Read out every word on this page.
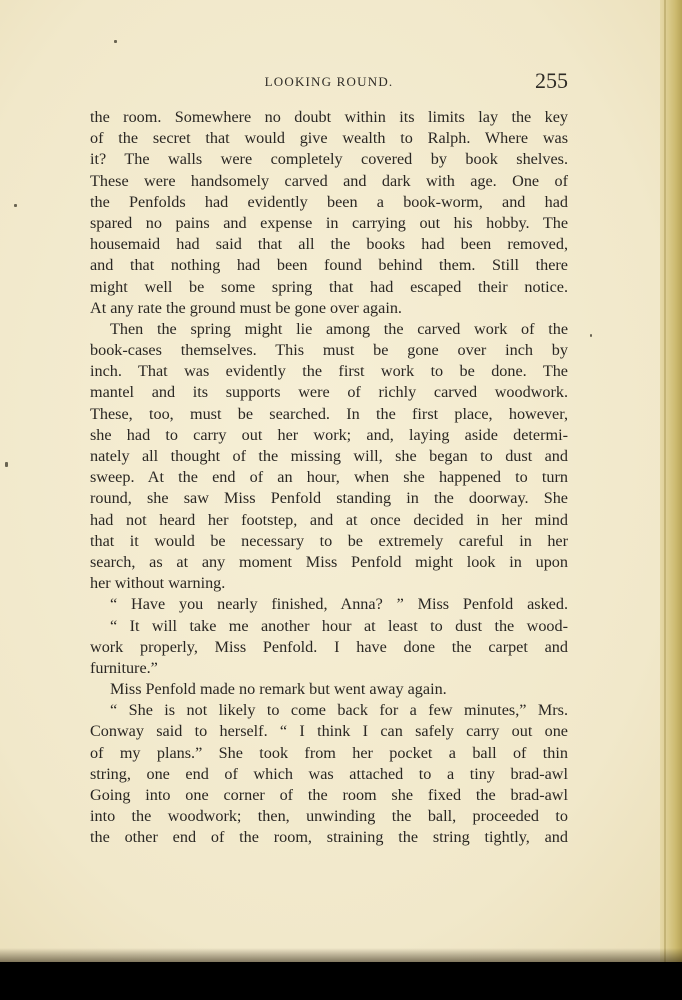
LOOKING ROUND.	255
the room. Somewhere no doubt within its limits lay the key
of the secret that would give wealth to Ralph. Where was
it? The walls were completely covered by book shelves.
These were handsomely carved and dark with age. One of
the Penfolds had evidently been a book-worm, and had
spared no pains and expense in carrying out his hobby. The
housemaid had said that all the books had been removed,
and that nothing had been found behind them. Still there
might well be some spring that had escaped their notice.
At any rate the ground must be gone over again.
Then the spring might lie among the carved work of the
book-cases themselves. This must be gone over inch by
inch. That was evidently the first work to be done. The
mantel and its supports were of richly carved woodwork.
These, too, must be searched. In the first place, however,
she had to carry out her work; and, laying aside determi-
nately all thought of the missing will, she began to dust and
sweep. At the end of an hour, when she happened to turn
round, she saw Miss Penfold standing in the doorway. She
had not heard her footstep, and at once decided in her mind
that it would be necessary to be extremely careful in her
search, as at any moment Miss Penfold might look in upon
her without warning.
“ Have you nearly finished, Anna? ” Miss Penfold asked.
“ It will take me another hour at least to dust the wood-
work properly, Miss Penfold. I have done the carpet and
furniture.”
Miss Penfold made no remark but went away again.
“ She is not likely to come back for a few minutes,” Mrs.
Conway said to herself. “ I think I can safely carry out one
of my plans.” She took from her pocket a ball of thin
string, one end of which was attached to a tiny brad-awl
Going into one corner of the room she fixed the brad-awl
into the woodwork; then, unwinding the ball, proceeded to
the other end of the room, straining the string tightly, and
